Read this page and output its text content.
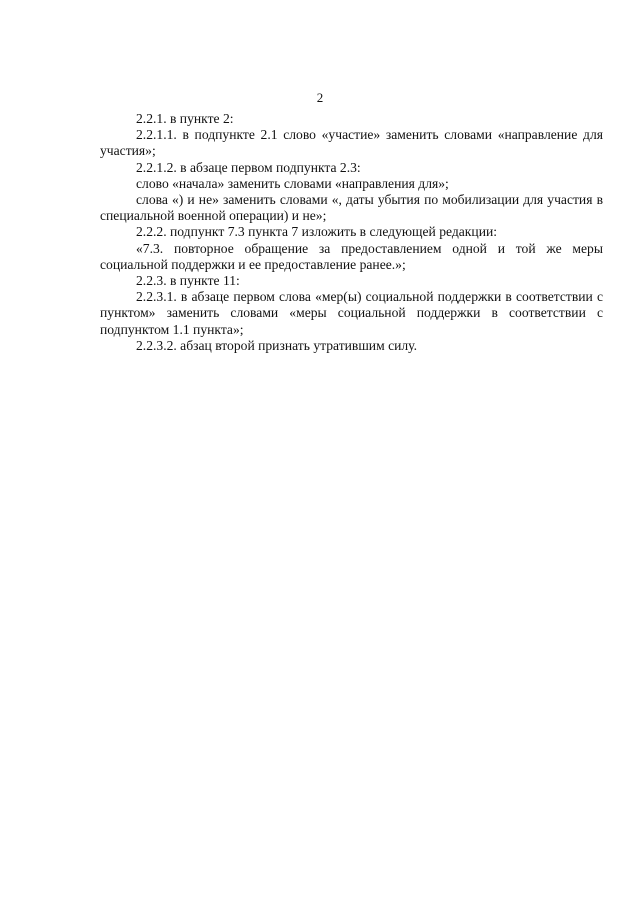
2

2.2.1. в пункте 2:

2.2.1.1. в подпункте 2.1 слово «участие» заменить словами «направление для участия»;

2.2.1.2. в абзаце первом подпункта 2.3:

слово «начала» заменить словами «направления для»;

слова «) и не» заменить словами «, даты убытия по мобилизации для участия в специальной военной операции) и не»;

2.2.2. подпункт 7.3 пункта 7 изложить в следующей редакции:

«7.3. повторное обращение за предоставлением одной и той же меры социальной поддержки и ее предоставление ранее.»;

2.2.3. в пункте 11:

2.2.3.1. в абзаце первом слова «мер(ы) социальной поддержки в соответствии с пунктом» заменить словами «меры социальной поддержки в соответствии с подпунктом 1.1 пункта»;

2.2.3.2. абзац второй признать утратившим силу.
